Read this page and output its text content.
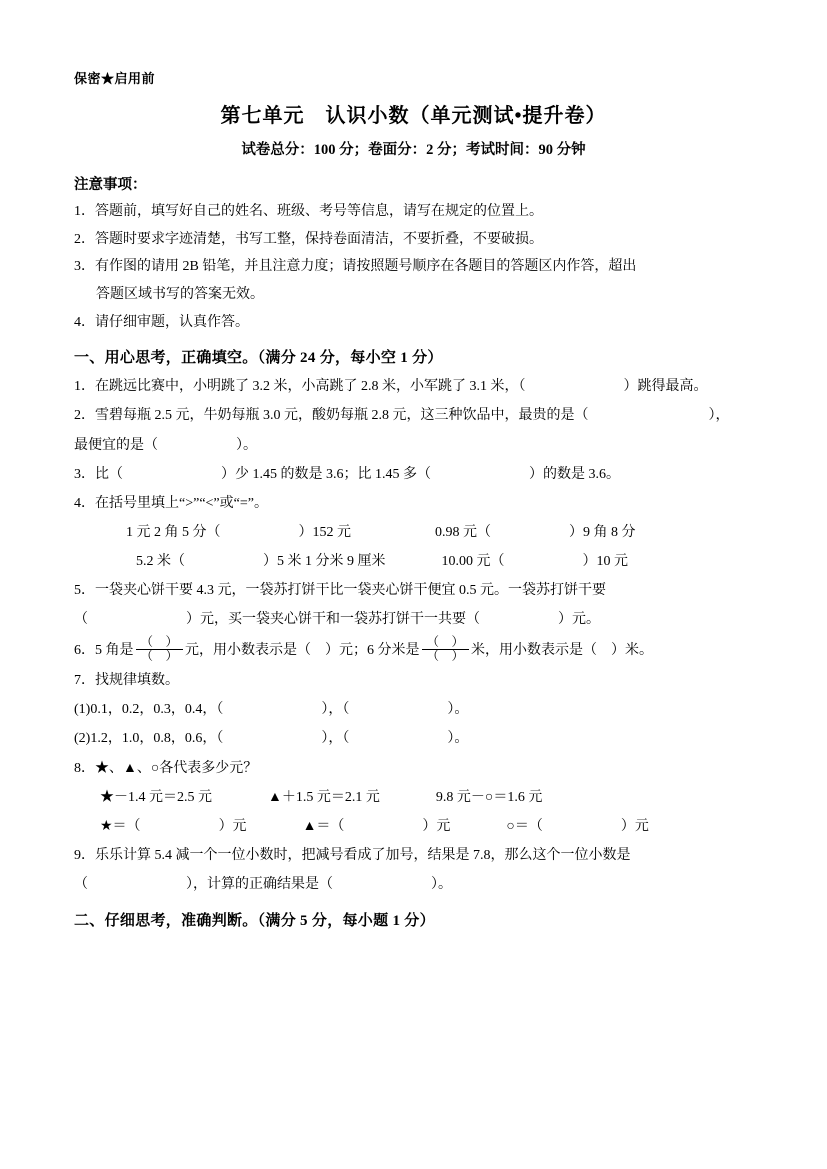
保密★启用前
第七单元　认识小数（单元测试•提升卷）
试卷总分：100 分；卷面分：2 分；考试时间：90 分钟
注意事项：
1．答题前，填写好自己的姓名、班级、考号等信息，请写在规定的位置上。
2．答题时要求字迹清楚，书写工整，保持卷面清洁，不要折叠，不要破损。
3．有作图的请用 2B 铅笔，并且注意力度；请按照题号顺序在各题目的答题区内作答，超出
答题区域书写的答案无效。
4．请仔细审题，认真作答。
一、用心思考，正确填空。（满分 24 分，每小空 1 分）
1．在跳远比赛中，小明跳了 3.2 米，小高跳了 2.8 米，小军跳了 3.1 米，（	）跳得最高。
2．雪碧每瓶 2.5 元，牛奶每瓶 3.0 元，酸奶每瓶 2.8 元，这三种饮品中，最贵的是（	），
最便宜的是（	）。
3．比（	）少 1.45 的数是 3.6；比 1.45 多（	）的数是 3.6。
4．在括号里填上“>”“<”或“=”。
1 元 2 角 5 分（	）152 元	0.98 元（	）9 角 8 分
5.2 米（	）5 米 1 分米 9 厘米	10.00 元（	）10 元
5．一袋夹心饼干要 4.3 元，一袋苏打饼干比一袋夹心饼干便宜 0.5 元。一袋苏打饼干要
（	）元，买一袋夹心饼干和一袋苏打饼干一共要（	）元。
6．5 角是 $\frac{( )}{( )}$ 元，用小数表示是（　）元；6 分米是 $\frac{( )}{( )}$ 米，用小数表示是（　）米。
7．找规律填数。
(1)0.1，0.2，0.3，0.4，（	），（	）。
(2)1.2，1.0，0.8，0.6，（	），（	）。
8．★、▲、○各代表多少元？
★－1.4 元＝2.5 元	▲＋1.5 元＝2.1 元	9.8 元－○＝1.6 元
★＝（	）元	▲＝（	）元	○＝（	）元
9．乐乐计算 5.4 减一个一位小数时，把减号看成了加号，结果是 7.8，那么这个一位小数是
（	），计算的正确结果是（	）。
二、仔细思考，准确判断。（满分 5 分，每小题 1 分）
